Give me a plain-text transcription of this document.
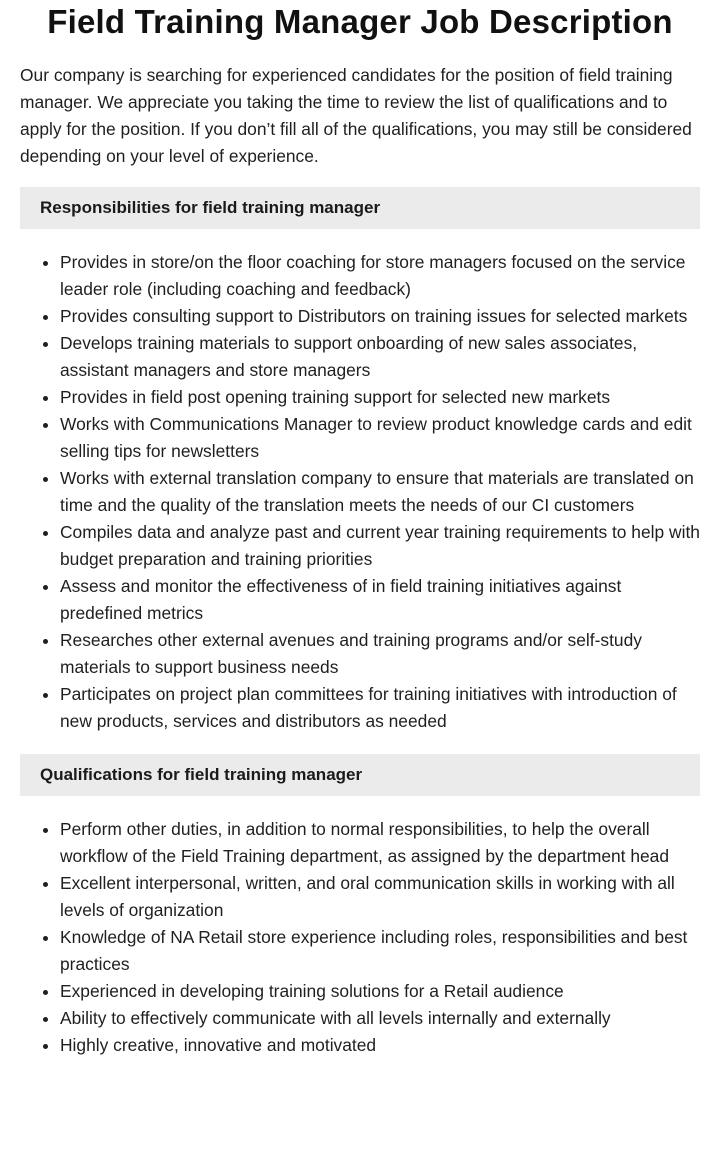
Field Training Manager Job Description

Our company is searching for experienced candidates for the position of field training manager. We appreciate you taking the time to review the list of qualifications and to apply for the position. If you don’t fill all of the qualifications, you may still be considered depending on your level of experience.

Responsibilities for field training manager
• Provides in store/on the floor coaching for store managers focused on the service leader role (including coaching and feedback)
• Provides consulting support to Distributors on training issues for selected markets
• Develops training materials to support onboarding of new sales associates, assistant managers and store managers
• Provides in field post opening training support for selected new markets
• Works with Communications Manager to review product knowledge cards and edit selling tips for newsletters
• Works with external translation company to ensure that materials are translated on time and the quality of the translation meets the needs of our CI customers
• Compiles data and analyze past and current year training requirements to help with budget preparation and training priorities
• Assess and monitor the effectiveness of in field training initiatives against predefined metrics
• Researches other external avenues and training programs and/or self-study materials to support business needs
• Participates on project plan committees for training initiatives with introduction of new products, services and distributors as needed
Qualifications for field training manager
• Perform other duties, in addition to normal responsibilities, to help the overall workflow of the Field Training department, as assigned by the department head
• Excellent interpersonal, written, and oral communication skills in working with all levels of organization
• Knowledge of NA Retail store experience including roles, responsibilities and best practices
• Experienced in developing training solutions for a Retail audience
• Ability to effectively communicate with all levels internally and externally
• Highly creative, innovative and motivated
